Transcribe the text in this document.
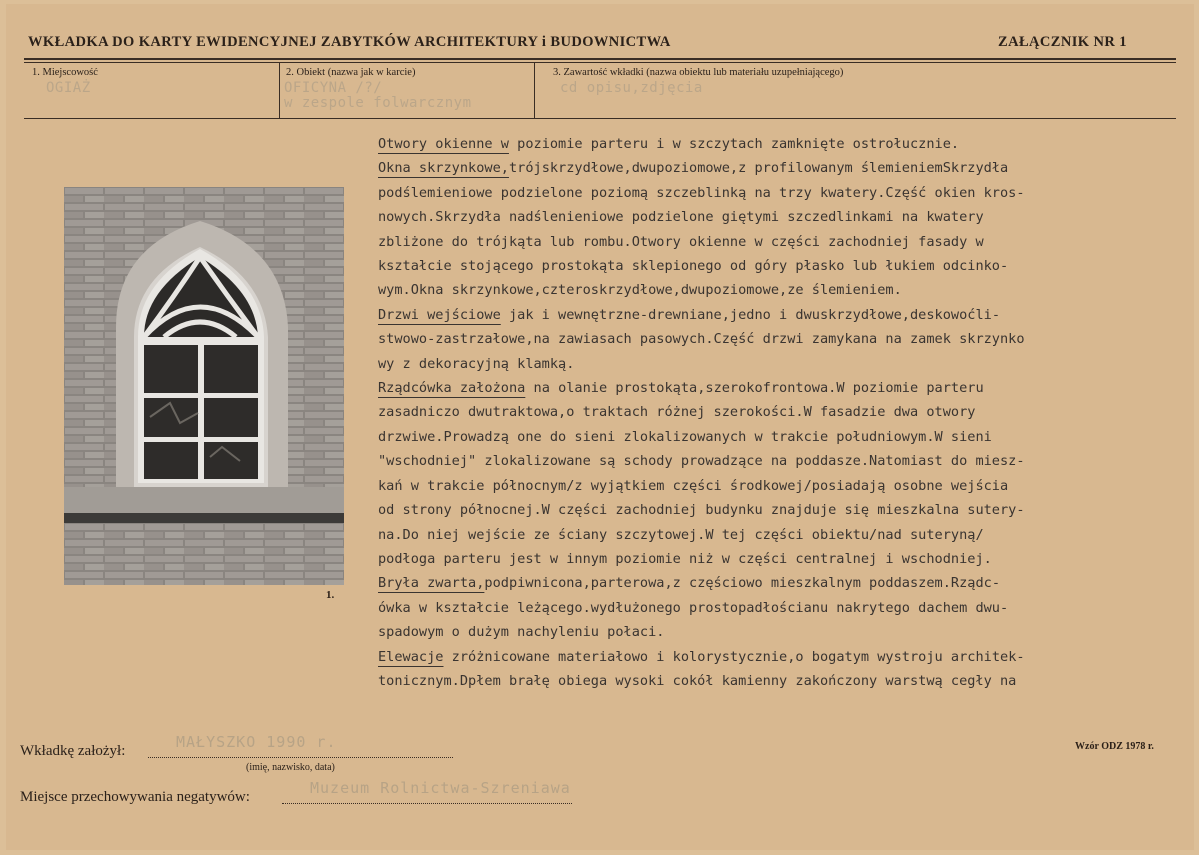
WKŁADKA DO KARTY EWIDENCYJNEJ ZABYTKÓW ARCHITEKTURY i BUDOWNICTWA	ZAŁĄCZNIK NR 1
1. Miejscowość
OGIAŻ
2. Obiekt (nazwa jak w karcie)
OFICYNA /?/
w zespole folwarcznym
3. Zawartość wkładki (nazwa obiektu lub materiału uzupełniającego)
cd opisu,zdjęcia
1.
Otwory okienne w poziomie parteru i w szczytach zamknięte ostrołucznie.
Okna skrzynkowe,trójskrzydłowe,dwupoziomowe,z profilowanym ślemieniemSkrzydła
podślemieniowe podzielone poziomą szczeblinką na trzy kwatery.Część okien kros-
nowych.Skrzydła nadślenieniowe podzielone giętymi szczedlinkami na kwatery
zbliżone do trójkąta lub rombu.Otwory okienne w części zachodniej fasady w
kształcie stojącego prostokąta sklepionego od góry płasko lub łukiem odcinko-
wym.Okna skrzynkowe,czteroskrzydłowe,dwupoziomowe,ze ślemieniem.
Drzwi wejściowe jak i wewnętrzne-drewniane,jedno i dwuskrzydłowe,deskowoćli-
stwowo-zastrzałowe,na zawiasach pasowych.Część drzwi zamykana na zamek skrzynko
wy z dekoracyjną klamką.
Rządcówka założona na olanie prostokąta,szerokofrontowa.W poziomie parteru
zasadniczo dwutraktowa,o traktach różnej szerokości.W fasadzie dwa otwory
drzwiwe.Prowadzą one do sieni zlokalizowanych w trakcie południowym.W sieni
"wschodniej" zlokalizowane są schody prowadzące na poddasze.Natomiast do miesz-
kań w trakcie północnym/z wyjątkiem części środkowej/posiadają osobne wejścia
od strony północnej.W części zachodniej budynku znajduje się mieszkalna sutery-
na.Do niej wejście ze ściany szczytowej.W tej części obiektu/nad suteryną/
podłoga parteru jest w innym poziomie niż w części centralnej i wschodniej.
Bryła zwarta,podpiwnicona,parterowa,z częściowo mieszkalnym poddaszem.Rządc-
ówka w kształcie leżącego.wydłużonego prostopadłościanu nakrytego dachem dwu-
spadowym o dużym nachyleniu połaci.
Elewacje zróżnicowane materiałowo i kolorystycznie,o bogatym wystroju architek-
tonicznym.Dpłem brałę obiega wysoki cokół kamienny zakończony warstwą cegły na
Wkładkę założył:	MAŁYSZKO 1990 r.
(imię, nazwisko, data)
Miejsce przechowywania negatywów:	Muzeum Rolnictwa-Szreniawa
Wzór ODZ 1978 r.
